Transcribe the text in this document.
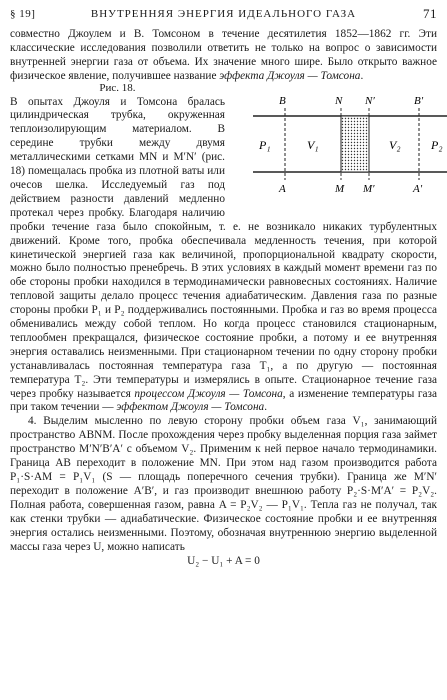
§ 19]	ВНУТРЕННЯЯ ЭНЕРГИЯ ИДЕАЛЬНОГО ГАЗА	71

совместно Джоулем и В. Томсоном в течение десятилетия 1852—1862 гг. Эти классические исследования позволили ответить не только на вопрос о зависимости внутренней энергии газа от объема. Их значение много шире. Было открыто важное физическое явление, получившее название эффекта Джоуля — Томсона.

B	N N′	B′
P₁	V₁	V₂	P₂
A	M M′	A′

Рис. 18.
В опытах Джоуля и Томсона бралась цилиндрическая трубка, окруженная теплоизолирующим материалом. В середине трубки между двумя металлическими сетками MN и M′N′ (рис. 18) помещалась пробка из плотной ваты или очесов шелка. Исследуемый газ под действием разности давлений медленно протекал через пробку. Благодаря наличию пробки течение газа было спокойным, т. е. не возникало никаких турбулентных движений. Кроме того, пробка обеспечивала медленность течения, при которой кинетической энергией газа как величиной, пропорциональной квадрату скорости, можно было полностью пренебречь. В этих условиях в каждый момент времени газ по обе стороны пробки находился в термодинамически равновесных состояниях. Наличие тепловой защиты делало процесс течения адиабатическим. Давления газа по разные стороны пробки P₁ и P₂ поддерживались постоянными. Пробка и газ во время процесса обменивались между собой теплом. Но когда процесс становился стационарным, теплообмен прекращался, физическое состояние пробки, а потому и ее внутренняя энергия оставались неизменными. При стационарном течении по одну сторону пробки устанавливалась постоянная температура газа T₁, а по другую — постоянная температура T₂. Эти температуры и измерялись в опыте. Стационарное течение газа через пробку называется процессом Джоуля — Томсона, а изменение температуры газа при таком течении — эффектом Джоуля — Томсона.

4. Выделим мысленно по левую сторону пробки объем газа V₁, занимающий пространство ABNM. После прохождения через пробку выделенная порция газа займет пространство M′N′B′A′ с объемом V₂. Применим к ней первое начало термодинамики. Граница AB переходит в положение MN. При этом над газом производится работа P₁·S·AM = P₁V₁ (S — площадь поперечного сечения трубки). Граница же M′N′ переходит в положение A′B′, и газ производит внешнюю работу P₂·S·M′A′ = P₂V₂. Полная работа, совершенная газом, равна A = P₂V₂ — P₁V₁. Тепла газ не получал, так как стенки трубки — адиабатические. Физическое состояние пробки и ее внутренняя энергия остались неизменными. Поэтому, обозначая внутреннюю энергию выделенной массы газа через U, можно написать

U₂ − U₁ + A = 0
